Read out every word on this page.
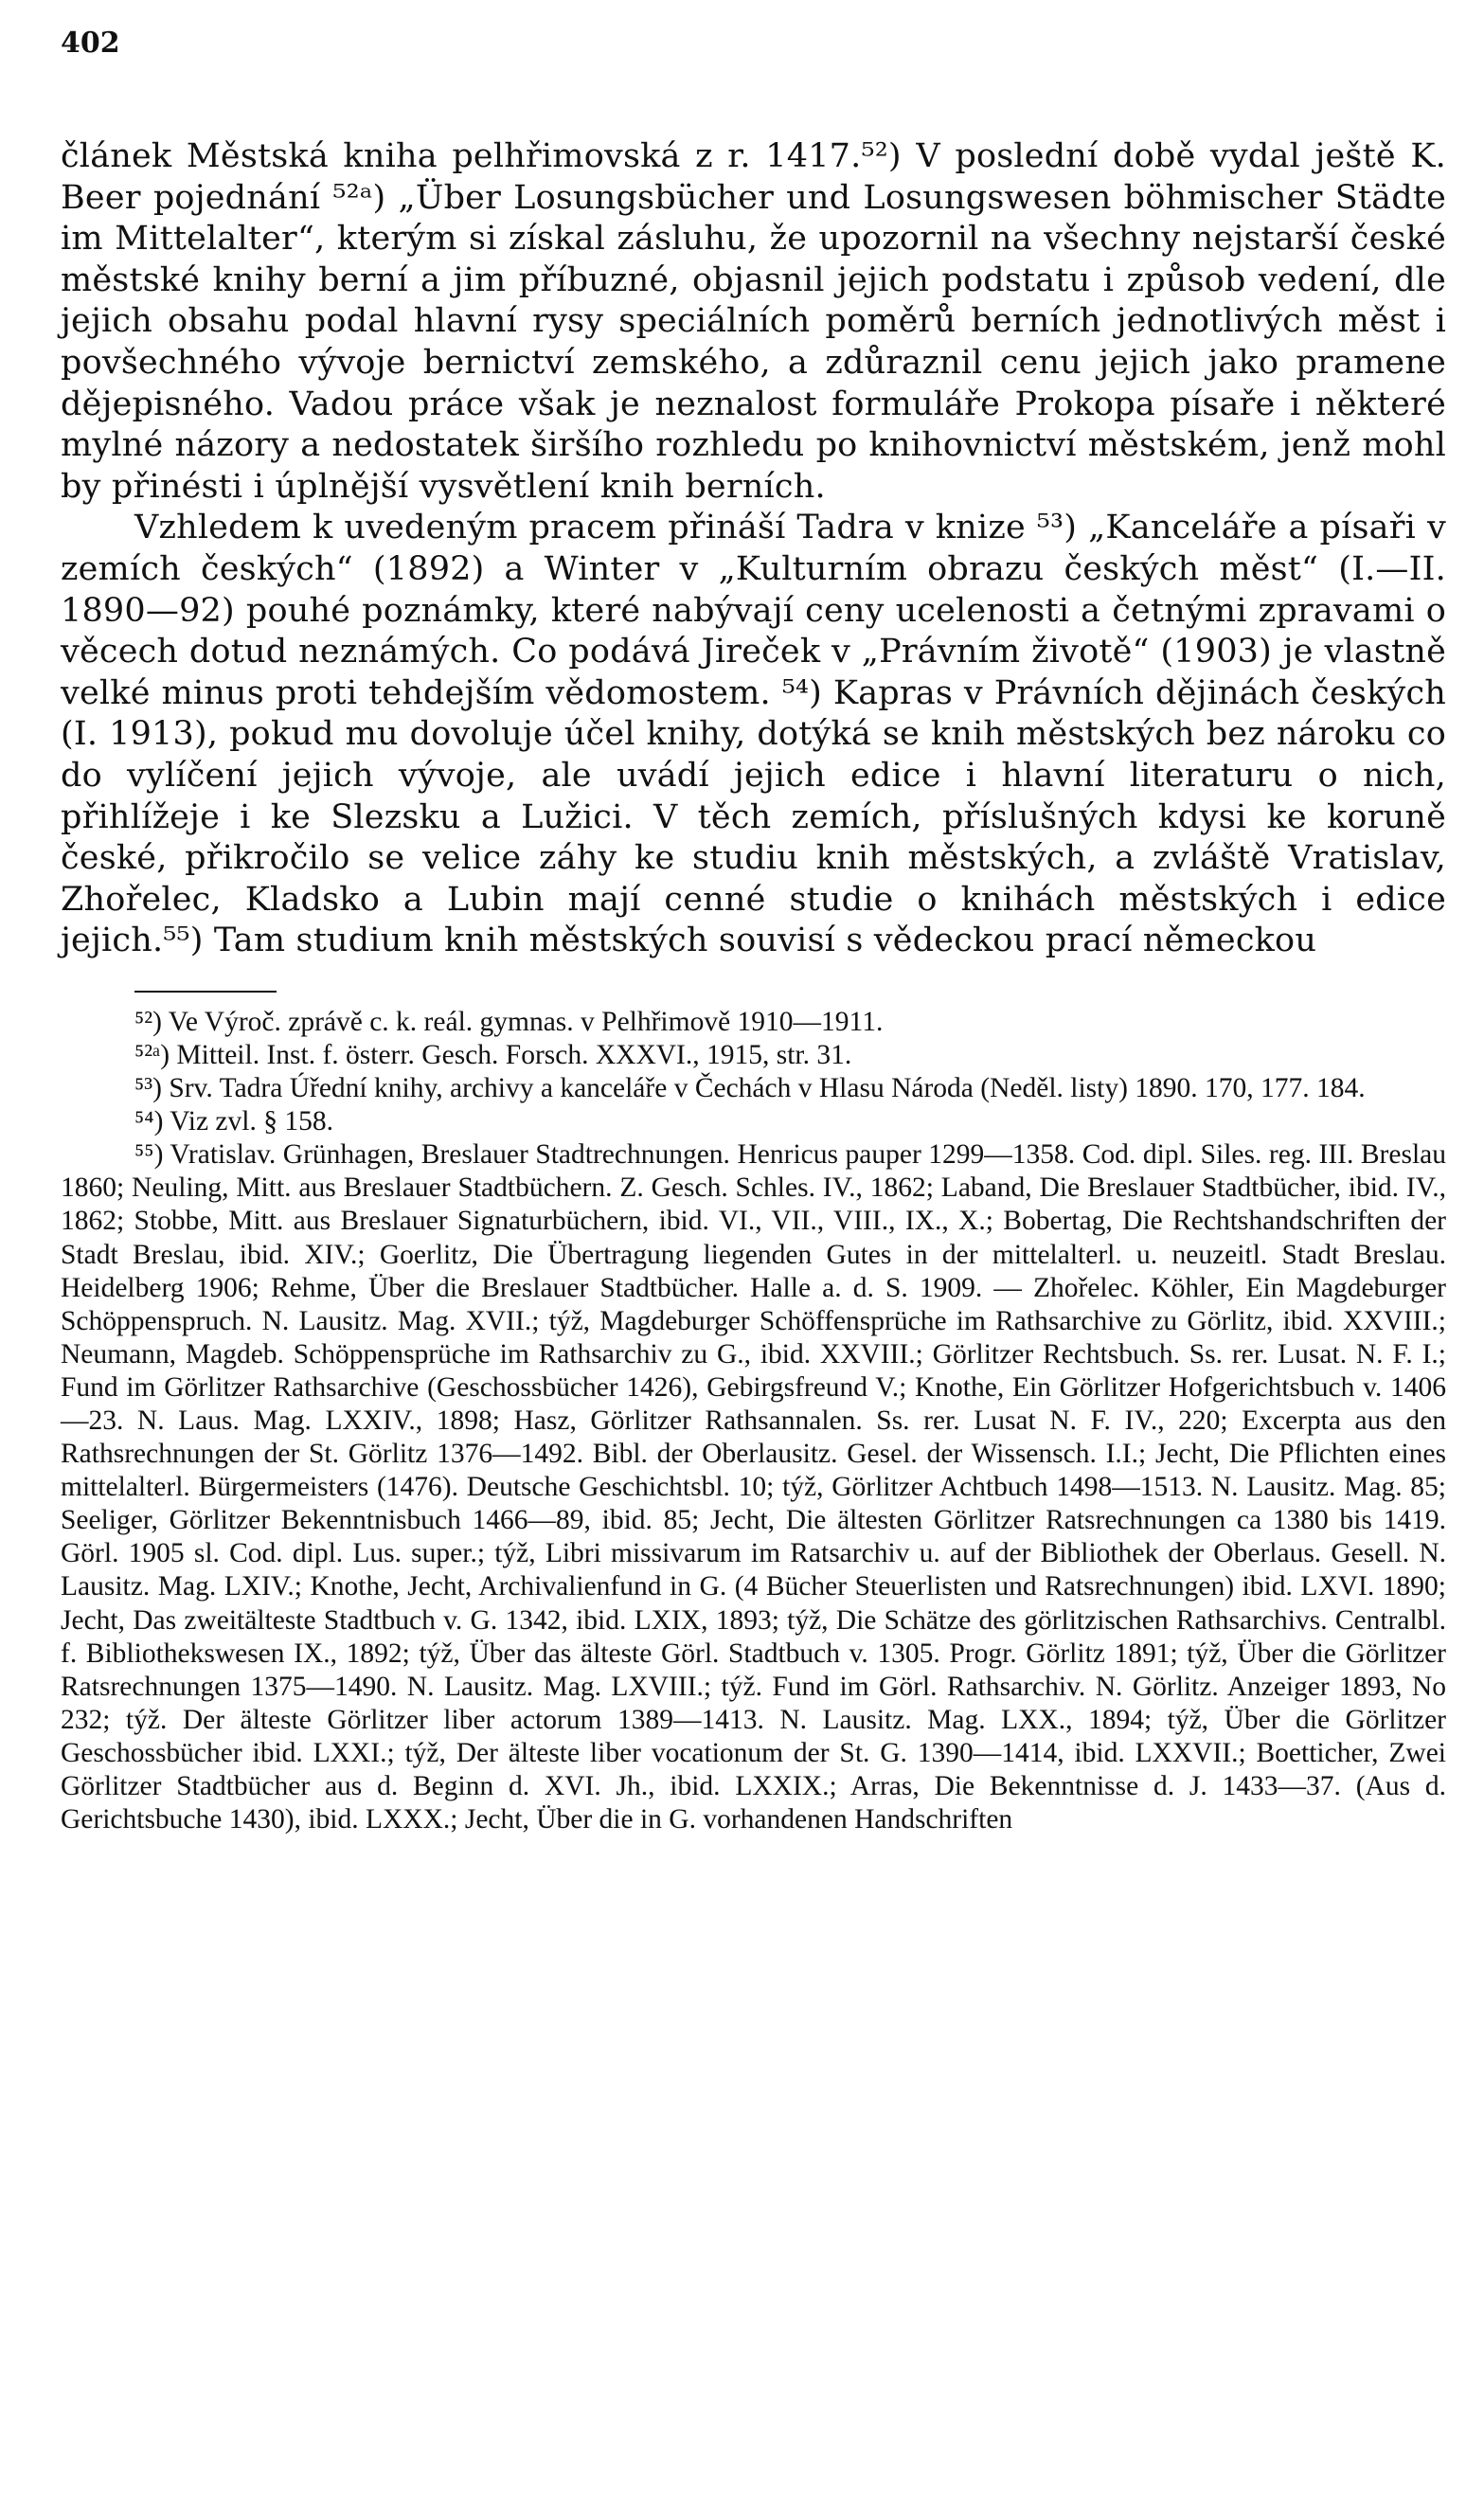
402

článek Městská kniha pelhřimovská z r. 1417.⁵²) V poslední době vydal ještě K. Beer pojednání ⁵²ᵃ) „Über Losungsbücher und Losungswesen böhmischer Städte im Mittelalter“, kterým si získal zásluhu, že upozornil na všechny nejstarší české městské knihy berní a jim příbuzné, objasnil jejich podstatu i způsob vedení, dle jejich obsahu podal hlavní rysy speciálních poměrů berních jednotlivých měst i povšechného vývoje bernictví zemského, a zdůraznil cenu jejich jako pramene dějepisného. Vadou práce však je neznalost formuláře Prokopa písaře i některé mylné názory a nedostatek širšího rozhledu po knihovnictví městském, jenž mohl by přinésti i úplnější vysvětlení knih berních.

Vzhledem k uvedeným pracem přináší Tadra v knize ⁵³) „Kanceláře a písaři v zemích českých“ (1892) a Winter v „Kulturním obrazu českých měst“ (I.—II. 1890—92) pouhé poznámky, které nabývají ceny ucelenosti a četnými zpravami o věcech dotud neznámých. Co podává Jireček v „Právním životě“ (1903) je vlastně velké minus proti tehdejším vědomostem. ⁵⁴) Kapras v Právních dějinách českých (I. 1913), pokud mu dovoluje účel knihy, dotýká se knih městských bez nároku co do vylíčení jejich vývoje, ale uvádí jejich edice i hlavní literaturu o nich, přihlížeje i ke Slezsku a Lužici. V těch zemích, příslušných kdysi ke koruně české, přikročilo se velice záhy ke studiu knih městských, a zvláště Vratislav, Zhořelec, Kladsko a Lubin mají cenné studie o knihách městských i edice jejich.⁵⁵) Tam studium knih městských souvisí s vědeckou prací německou

⁵²) Ve Výroč. zprávě c. k. reál. gymnas. v Pelhřimově 1910—1911.

⁵²ᵃ) Mitteil. Inst. f. österr. Gesch. Forsch. XXXVI., 1915, str. 31.

⁵³) Srv. Tadra Úřední knihy, archivy a kanceláře v Čechách v Hlasu Národa (Neděl. listy) 1890. 170, 177. 184.

⁵⁴) Viz zvl. § 158.

⁵⁵) Vratislav. Grünhagen, Breslauer Stadtrechnungen. Henricus pauper 1299—1358. Cod. dipl. Siles. reg. III. Breslau 1860; Neuling, Mitt. aus Breslauer Stadtbüchern. Z. Gesch. Schles. IV., 1862; Laband, Die Breslauer Stadtbücher, ibid. IV., 1862; Stobbe, Mitt. aus Breslauer Signaturbüchern, ibid. VI., VII., VIII., IX., X.; Bobertag, Die Rechtshandschriften der Stadt Breslau, ibid. XIV.; Goerlitz, Die Übertragung liegenden Gutes in der mittelalterl. u. neuzeitl. Stadt Breslau. Heidelberg 1906; Rehme, Über die Breslauer Stadtbücher. Halle a. d. S. 1909. — Zhořelec. Köhler, Ein Magdeburger Schöppenspruch. N. Lausitz. Mag. XVII.; týž, Magdeburger Schöffensprüche im Rathsarchive zu Görlitz, ibid. XXVIII.; Neumann, Magdeb. Schöppensprüche im Rathsarchiv zu G., ibid. XXVIII.; Görlitzer Rechtsbuch. Ss. rer. Lusat. N. F. I.; Fund im Görlitzer Rathsarchive (Geschossbücher 1426), Gebirgsfreund V.; Knothe, Ein Görlitzer Hofgerichtsbuch v. 1406—23. N. Laus. Mag. LXXIV., 1898; Hasz, Görlitzer Rathsannalen. Ss. rer. Lusat N. F. IV., 220; Excerpta aus den Rathsrechnungen der St. Görlitz 1376—1492. Bibl. der Oberlausitz. Gesel. der Wissensch. I.I.; Jecht, Die Pflichten eines mittelalterl. Bürgermeisters (1476). Deutsche Geschichtsbl. 10; týž, Görlitzer Achtbuch 1498—1513. N. Lausitz. Mag. 85; Seeliger, Görlitzer Bekenntnisbuch 1466—89, ibid. 85; Jecht, Die ältesten Görlitzer Ratsrechnungen ca 1380 bis 1419. Görl. 1905 sl. Cod. dipl. Lus. super.; týž, Libri missivarum im Ratsarchiv u. auf der Bibliothek der Oberlaus. Gesell. N. Lausitz. Mag. LXIV.; Knothe, Jecht, Archivalienfund in G. (4 Bücher Steuerlisten und Ratsrechnungen) ibid. LXVI. 1890; Jecht, Das zweitälteste Stadtbuch v. G. 1342, ibid. LXIX, 1893; týž, Die Schätze des görlitzischen Rathsarchivs. Centralbl. f. Bibliothekswesen IX., 1892; týž, Über das älteste Görl. Stadtbuch v. 1305. Progr. Görlitz 1891; týž, Über die Görlitzer Ratsrechnungen 1375—1490. N. Lausitz. Mag. LXVIII.; týž. Fund im Görl. Rathsarchiv. N. Görlitz. Anzeiger 1893, No 232; týž. Der älteste Görlitzer liber actorum 1389—1413. N. Lausitz. Mag. LXX., 1894; týž, Über die Görlitzer Geschossbücher ibid. LXXI.; týž, Der älteste liber vocationum der St. G. 1390—1414, ibid. LXXVII.; Boetticher, Zwei Görlitzer Stadtbücher aus d. Beginn d. XVI. Jh., ibid. LXXIX.; Arras, Die Bekenntnisse d. J. 1433—37. (Aus d. Gerichtsbuche 1430), ibid. LXXX.; Jecht, Über die in G. vorhandenen Handschriften
